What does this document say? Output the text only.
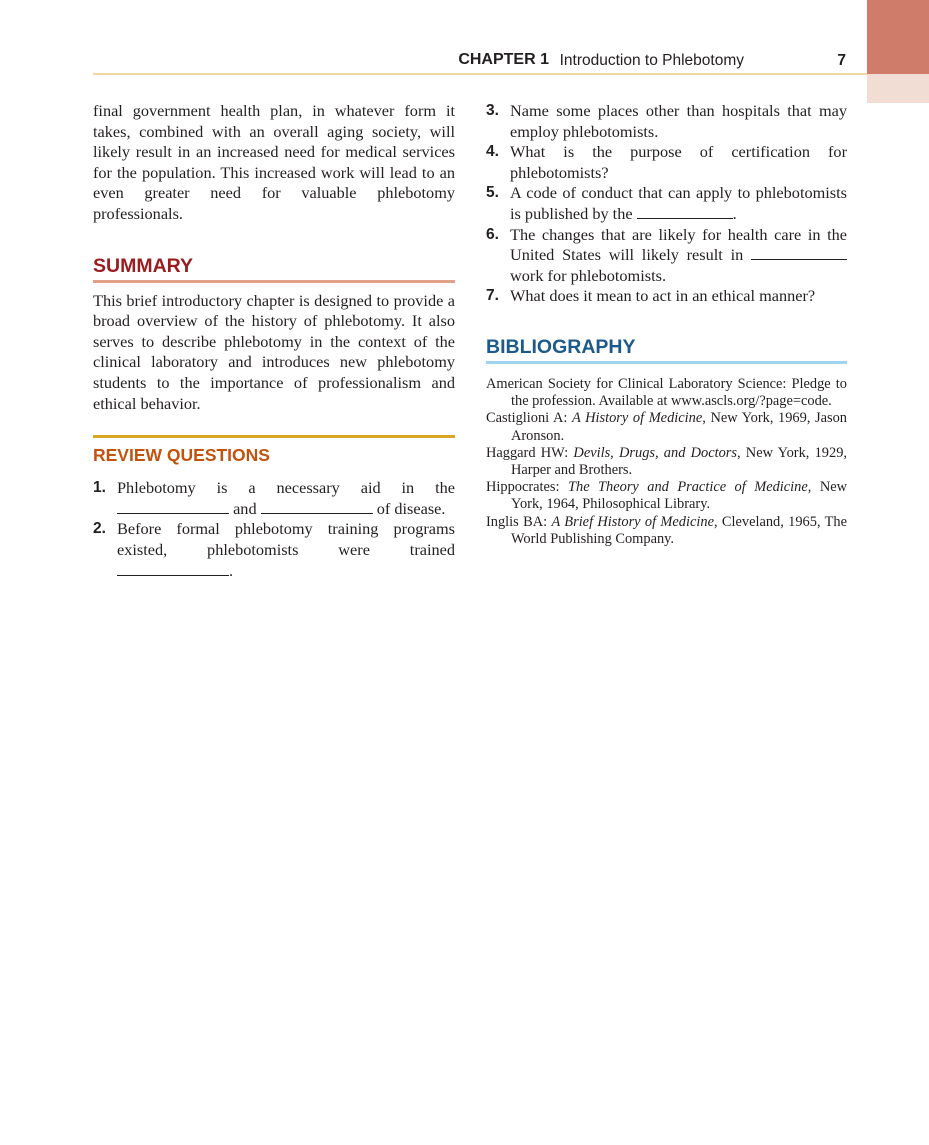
CHAPTER 1 Introduction to Phlebotomy	7

final government health plan, in whatever form it takes, combined with an overall aging society, will likely result in an increased need for medical services for the population. This increased work will lead to an even greater need for valuable phlebotomy professionals.

SUMMARY

This brief introductory chapter is designed to provide a broad overview of the history of phlebotomy. It also serves to describe phlebotomy in the context of the clinical laboratory and introduces new phlebotomy students to the importance of professionalism and ethical behavior.

REVIEW QUESTIONS
1. Phlebotomy is a necessary aid in the  and	of disease.
2. Before formal phlebotomy training programs existed, phlebotomists were trained .
3. Name some places other than hospitals that may employ phlebotomists.
4. What is the purpose of certification for phlebotomists?
5. A code of conduct that can apply to phlebotomists is published by the	.
6. The changes that are likely for health care in the United States will likely result in  work for phlebotomists.
7. What does it mean to act in an ethical manner?
BIBLIOGRAPHY
American Society for Clinical Laboratory Science: Pledge to the profession. Available at www.ascls.org/?page=code.
Castiglioni A: A History of Medicine, New York, 1969, Jason Aronson.
Haggard HW: Devils, Drugs, and Doctors, New York, 1929, Harper and Brothers.
Hippocrates: The Theory and Practice of Medicine, New York, 1964, Philosophical Library.
Inglis BA: A Brief History of Medicine, Cleveland, 1965, The World Publishing Company.
